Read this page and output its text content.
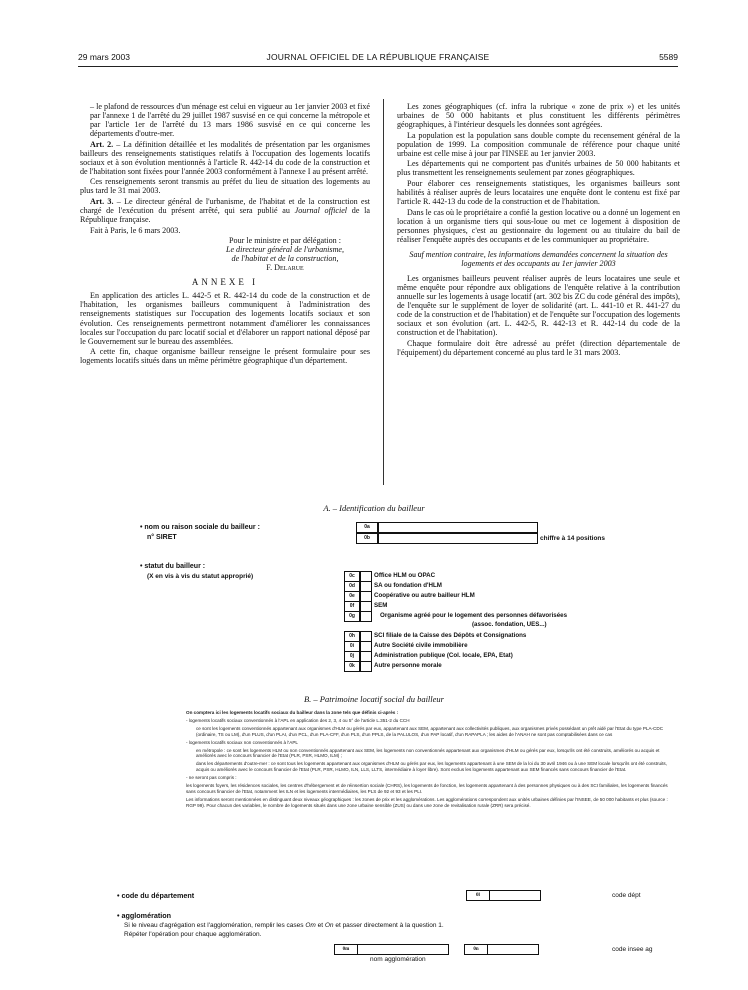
29 mars 2003	JOURNAL OFFICIEL DE LA RÉPUBLIQUE FRANÇAISE	5589

– le plafond de ressources d'un ménage est celui en vigueur au 1er janvier 2003 et fixé par l'annexe 1 de l'arrêté du 29 juillet 1987 susvisé en ce qui concerne la métropole et par l'article 1er de l'arrêté du 13 mars 1986 susvisé en ce qui concerne les départements d'outre-mer.

Art. 2. – La définition détaillée et les modalités de présentation par les organismes bailleurs des renseignements statistiques relatifs à l'occupation des logements locatifs sociaux et à son évolution mentionnés à l'article R. 442-14 du code de la construction et de l'habitation sont fixées pour l'année 2003 conformément à l'annexe I au présent arrêté.

Ces renseignements seront transmis au préfet du lieu de situation des logements au plus tard le 31 mai 2003.

Art. 3. – Le directeur général de l'urbanisme, de l'habitat et de la construction est chargé de l'exécution du présent arrêté, qui sera publié au Journal officiel de la République française.

Fait à Paris, le 6 mars 2003.

Pour le ministre et par délégation :
Le directeur général de l'urbanisme,
de l'habitat et de la construction,
F. Delarue
ANNEXE I

En application des articles L. 442-5 et R. 442-14 du code de la construction et de l'habitation, les organismes bailleurs communiquent à l'administration des renseignements statistiques sur l'occupation des logements locatifs sociaux et son évolution. Ces renseignements permettront notamment d'améliorer les connaissances locales sur l'occupation du parc locatif social et d'élaborer un rapport national déposé par le Gouvernement sur le bureau des assemblées.

A cette fin, chaque organisme bailleur renseigne le présent formulaire pour ses logements locatifs situés dans un même périmètre géographique d'un département.

Les zones géographiques (cf. infra la rubrique « zone de prix ») et les unités urbaines de 50 000 habitants et plus constituent les différents périmètres géographiques, à l'intérieur desquels les données sont agrégées.

La population est la population sans double compte du recensement général de la population de 1999. La composition communale de référence pour chaque unité urbaine est celle mise à jour par l'INSEE au 1er janvier 2003.

Les départements qui ne comportent pas d'unités urbaines de 50 000 habitants et plus transmettent les renseignements seulement par zones géographiques.

Pour élaborer ces renseignements statistiques, les organismes bailleurs sont habilités à réaliser auprès de leurs locataires une enquête dont le contenu est fixé par l'article R. 442-13 du code de la construction et de l'habitation.

Dans le cas où le propriétaire a confié la gestion locative ou a donné un logement en location à un organisme tiers qui sous-loue ou met ce logement à disposition de personnes physiques, c'est au gestionnaire du logement ou au titulaire du bail de réaliser l'enquête auprès des occupants et de les communiquer au propriétaire.

Sauf mention contraire, les informations demandées concernent la situation des logements et des occupants au 1er janvier 2003

Les organismes bailleurs peuvent réaliser auprès de leurs locataires une seule et même enquête pour répondre aux obligations de l'enquête relative à la contribution annuelle sur les logements à usage locatif (art. 302 bis ZC du code général des impôts), de l'enquête sur le supplément de loyer de solidarité (art. L. 441-10 et R. 441-27 du code de la construction et de l'habitation) et de l'enquête sur l'occupation des logements sociaux et son évolution (art. L. 442-5, R. 442-13 et R. 442-14 du code de la construction et de l'habitation).

Chaque formulaire doit être adressé au préfet (direction départementale de l'équipement) du département concerné au plus tard le 31 mars 2003.

A. – Identification du bailleur
• nom ou raison sociale du bailleur :
n° SIRET
0a
0b	chiffre à 14 positions
• statut du bailleur :
(X en vis à vis du statut approprié)	0c	Office HLM ou OPAC
0d	SA ou fondation d'HLM
0e	Coopérative ou autre bailleur HLM
0f	SEM
0g	Organisme agréé pour le logement des personnes défavorisées
(assoc. fondation, UES...)
0h	SCI filiale de la Caisse des Dépôts et Consignations
0i	Autre Société civile immobilière
0j	Administration publique (Col. locale, EPA, Etat)
0k	Autre personne morale
B. – Patrimoine locatif social du bailleur

On comptera ici les logements locatifs sociaux du bailleur dans la zone tels que définis ci-après :

- logements locatifs sociaux conventionnés à l'APL en application des 2, 3, 4 ou 5° de l'article L.351-2 du CCH

ce sont les logements conventionnés appartenant aux organismes d'HLM ou gérés par eux, appartenant aux SEM, appartenant aux collectivités publiques, aux organismes privés possédant un prêt aidé par l'Etat du type PLA-CDC (ordinaire, TS ou LM), d'un PLUS, d'un PLAI, d'un PCL, d'un PLA-CFF, d'un PLS, d'un PPLS, de la PALULOS, d'un PAP locatif, d'un RAPAPLA ; les aides de l'ANAH ne sont pas comptabilisées dans ce cas

- logements locatifs sociaux non conventionnés à l'APL

en métropole : ce sont les logements HLM ou non conventionnés appartenant aux SEM, les logements non conventionnés appartenant aux organismes d'HLM ou gérés par eux, lorsqu'ils ont été construits, améliorés ou acquis et améliorés avec le concours financier de l'Etat (PLR, PSR, HLMO, ILM) ;

dans les départements d'outre-mer : ce sont tous les logements appartenant aux organismes d'HLM ou gérés par eux, les logements appartenant à une SEM de la loi du 30 avril 1946 ou à une SEM locale lorsqu'ils ont été construits, acquis ou améliorés avec le concours financier de l'Etat (PLR, PSR, HLMO, ILN, LLS, LLTS, intermédiaire à loyer libre). Sont exclus les logements appartenant aux SEM financés sans concours financier de l'Etat.

- ne seront pas compris :

les logements foyers, les résidences sociales, les centres d'hébergement et de réinsertion sociale (CHRS), les logements de fonction, les logements appartenant à des personnes physiques ou à des SCI familiales, les logements financés sans concours financier de l'Etat, notamment les ILN et les logements intermédiaires, les PLS de 92 et 93 et les PLI.

Les informations seront mentionnées en distinguant deux niveaux géographiques : les zones de prix et les agglomérations. Les agglomérations correspondent aux unités urbaines définies par l'INSEE, de 50 000 habitants et plus (source : RGP 99). Pour chacun des variables, le nombre de logements situés dans une zone urbaine sensible (ZUS) ou dans une zone de revitalisation rurale (ZRR) sera précisé.

• code du département	0l	code dépt
• agglomération
Si le niveau d'agrégation est l'agglomération, remplir les cases Om et On et passer directement à la question 1.
Répéter l'opération pour chaque agglomération.
0m
nom agglomération
0n	code insee ag
